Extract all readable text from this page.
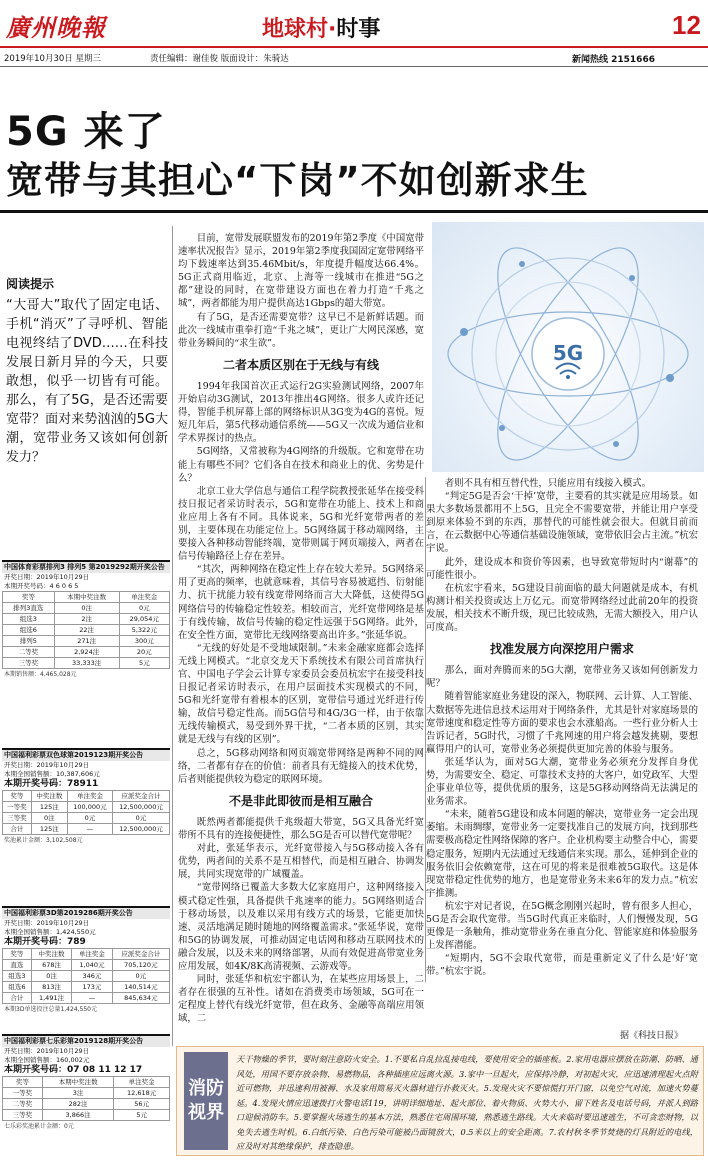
廣州晚報	地球村·时事	12
2019年10月30日 星期三	责任编辑：谢佳俊 版面设计：朱骑达	新闻热线 2151666
5G 来了
宽带与其担心“下岗”不如创新求生
阅读提示
“大哥大”取代了固定电话、手机“消灭”了寻呼机、智能电视终结了DVD……在科技发展日新月异的今天，只要敢想，似乎一切皆有可能。那么，有了5G，是否还需要宽带？面对来势汹汹的5G大潮，宽带业务又该如何创新发力？
中国体育彩票排列3 排列5 第2019292期开奖公告
开奖日期：2019年10月29日
本期开奖号码：4 6 0 6 5
奖等	本期中奖注数	单注奖金
排列3直选	0注	0元
组选3	2注	29,054元
组选6	22注	5,322元
排列5	271注	300元
二等奖	2,924注	20元
三等奖	33,333注	5元
本期销售额：4,465,028元
中国福利彩票双色球第2019123期开奖公告
开奖日期：2019年10月29日
本期全国销售额：10,387,606元
本期开奖号码：78911
奖等	中奖注数	单注奖金	应派奖金合计
一等奖	125注	100,000元	12,500,000元
三等奖	0注	0元	0元
合计	125注	—	12,500,000元
奖池累计金额：3,102,508元
中国福利彩票3D第2019286期开奖公告
开奖日期：2019年10月29日
本期全国销售额：1,424,550元
本期开奖号码：789
奖等	中奖注数	单注奖金	应派奖金合计
直选	678注	1,040元	705,120元
组选3	0注	346元	0元
组选6	813注	173元	140,514元
合计	1,491注	—	845,634元
本期3D单选投注总量1,424,550元
中国福利彩票七乐彩第2019128期开奖公告
开奖日期：2019年10月29日
本期全国销售额：160,002元
本期开奖号码：07 08 11 12 17
奖等	本期中奖注数	单注奖金
一等奖	3注	12,618元
二等奖	282注	56元
三等奖	3,866注	5元
七乐彩奖池累计金额：0元
5G

目前，宽带发展联盟发布的2019年第2季度《中国宽带速率状况报告》显示，2019年第2季度我国固定宽带网络平均下载速率达到35.46Mbit/s，年度提升幅度达66.4%。5G正式商用临近，北京、上海等一线城市在推进“5G之都”建设的同时，在宽带建设方面也在着力打造“千兆之城”，两者都能为用户提供高达1Gbps的超大带宽。

有了5G，是否还需要宽带？这早已不是新鲜话题。而此次一线城市重拳打造“千兆之城”，更让广大网民深感，宽带业务瞬间的“求生欲”。

二者本质区别在于无线与有线

1994年我国首次正式运行2G实验测试网络，2007年开始启动3G测试，2013年推出4G网络。很多人或许还记得，智能手机屏幕上部的网络标识从3G变为4G的喜悦。短短几年后，第5代移动通信系统——5G又一次成为通信业和学术界探讨的热点。

5G网络，又常被称为4G网络的升级版。它和宽带在功能上有哪些不同？它们各自在技术和商业上的优、劣势是什么？

北京工业大学信息与通信工程学院教授张延华在接受科技日报记者采访时表示，5G和宽带在功能上、技术上和商业应用上各有不同。具体说来，5G和光纤宽带两者的差别，主要体现在功能定位上。5G网络属于移动端网络，主要接入各种移动智能终端，宽带则属于网页端接入，两者在信号传输路径上存在差异。

“其次，两种网络在稳定性上存在较大差异。5G网络采用了更高的频率，也就意味着，其信号容易被遮挡、衍射能力、抗干扰能力较有线宽带网络而言大大降低，这使得5G网络信号的传输稳定性较差。相较而言，光纤宽带网络是基于有线传输，故信号传输的稳定性远强于5G网络。此外，在安全性方面，宽带比无线网络要高出许多。”张延华说。

“无线的好处是不受地域限制。”未来金融家庭都会选择无线上网模式。“北京交龙天下系统技术有限公司首席执行官、中国电子学会云计算专家委员会委员杭宏宇在接受科技日报记者采访时表示，在用户层面技术实现模式的不同，5G和光纤宽带有着根本的区别，宽带信号通过光纤进行传输，故信号稳定性高。而5G信号和4G/3G一样，由于依靠无线传输模式，易受到外界干扰，“二者本质的区别，其实就是无线与有线的区别”。

总之，5G移动网络和网页端宽带网络是两种不同的网络，二者都有存在的价值：前者具有无缝接入的技术优势，后者则能提供较为稳定的联网环境。

不是非此即彼而是相互融合

既然两者都能提供千兆级超大带宽，5G又具备光纤宽带所不具有的连接便捷性，那么5G是否可以替代宽带呢？

对此，张延华表示，光纤宽带接入与5G移动接入各有优势，两者间的关系不是互相替代，而是相互融合、协调发展，共同实现宽带的广域覆盖。

“宽带网络已覆盖大多数大亿家庭用户，这种网络接入模式稳定性强，具备提供千兆速率的能力。5G网络则适合于移动场景，以及难以采用有线方式的场景，它能更加快速、灵活地满足随时随地的网络覆盖需求。”张延华说，宽带和5G的协调发展，可推动固定电话网和移动互联网技术的融合发展，以及未来的网络部署，从而有效促进高带宽业务应用发展，如4K/8K高清视频、云游戏等。

同时，张延华和杭宏宇都认为，在某些应用场景上，二者存在很强的互补性。诸如在消费类市场领域，5G可在一定程度上替代有线光纤宽带，但在政务、金融等高端应用领域，二

者则不具有相互替代性，只能应用有线接入模式。

“判定5G是否会‘干掉’宽带，主要看的其实就是应用场景。如果大多数场景都用不上5G，且完全不需要宽带，并能让用户享受到原来体验不到的东西，那替代的可能性就会很大。但就目前而言，在云数据中心等通信基础设施领域，宽带依旧会占主流。”杭宏宇说。

此外，建设成本和资价等因素，也导致宽带短时内“谢幕”的可能性很小。

在杭宏宇看来，5G建设目前面临的最大问题就是成本，有机构测计相关投资或达上万亿元。而宽带网络经过此前20年的投资发展，相关技术不断升级，现已比较成熟，无需大额投入，用户认可度高。

找准发展方向深挖用户需求

那么，面对奔腾而来的5G大潮，宽带业务又该如何创新发力呢？

随着智能家庭业务建设的深入，物联网、云计算、人工智能、大数据等先进信息技术运用对于网络条件，尤其是针对家庭场景的宽带速度和稳定性等方面的要求也会水涨船高。一些行业分析人士告诉记者，5G时代，习惯了千兆网速的用户将会越发挑剔，要想赢得用户的认可，宽带业务必须提供更加完善的体验与服务。

张延华认为，面对5G大潮，宽带业务必须充分发挥自身优势，为需要安全、稳定、可靠技术支持的大客户，如党政军、大型企事业单位等，提供优质的服务，这是5G移动网络尚无法满足的业务需求。

“未来，随着5G建设和成本问题的解决，宽带业务一定会出现萎缩。未雨绸缪，宽带业务一定要找准自己的发展方向，找到那些需要极高稳定性网络保障的客户。企业机构要主动整合中心，需要稳定服务，短期内无法通过无线通信来实现。那么，延伸到企业的服务依旧会依赖宽带，这在可见的将来是很难被5G取代。这是体现宽带稳定性优势的地方，也是宽带业务未来6年的发力点。”杭宏宇推测。

杭宏宇对记者说，在5G概念刚刚兴起时，曾有很多人担心，5G是否会取代宽带。当5G时代真正来临时，人们慢慢发现，5G更像是一条触角，推动宽带业务在垂直分化、智能家庭和体验服务上发挥潜能。

“短期内，5G不会取代宽带，而是重新定义了什么是‘好’宽带。”杭宏宇说。

据《科技日报》
消防
视界
天干物燥的季节，要时刻注意防火安全。1.不要私自乱拉乱接电线，要使用安全的插座板。2.家用电器应摆放在防潮、防晒、通风处，用国不要存放杂物、易燃物品，各种插座应远离火源。3.家中一旦起火，应保持冷静，对初起火灾，应迅速清理起火点附近可燃物，并迅速利用被褥、水及家用简易灭火器材进行扑救灭火。5.发现火灾不要惊慌打开门窗，以免空气对流，加速火势蔓延。4.发现火情应迅速拨打火警电话119，讲明详细地址、起火部位、着火物质、火势大小、留下姓名及电话号码，并派人到路口迎候消防车。5.要掌握火场逃生的基本方法，熟悉住宅周围环境，熟悉逃生路线。大火来临时要迅速逃生，不可贪恋财物，以免失去逃生时机。6.白纸污染、白色污染可能被凸面镜放大，0.5米以上的安全距离。7.农村秋冬季节焚烧的灯具附近的电线，应及时对其绝缘保护，排查隐患。
